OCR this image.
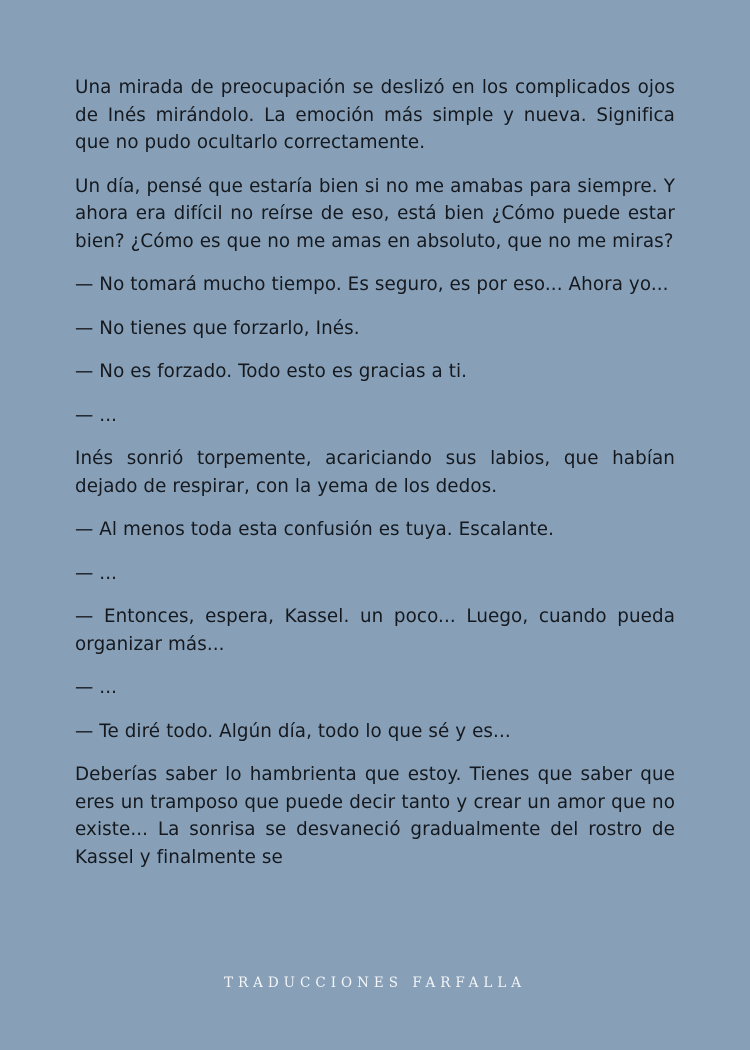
Una mirada de preocupación se deslizó en los complicados ojos de Inés mirándolo. La emoción más simple y nueva. Significa que no pudo ocultarlo correctamente.

Un día, pensé que estaría bien si no me amabas para siempre. Y ahora era difícil no reírse de eso, está bien ¿Cómo puede estar bien? ¿Cómo es que no me amas en absoluto, que no me miras?

— No tomará mucho tiempo. Es seguro, es por eso... Ahora yo...

— No tienes que forzarlo, Inés.

— No es forzado. Todo esto es gracias a ti.

— ...

Inés sonrió torpemente, acariciando sus labios, que habían dejado de respirar, con la yema de los dedos.

— Al menos toda esta confusión es tuya. Escalante.

— ...

— Entonces, espera, Kassel. un poco... Luego, cuando pueda organizar más...

— ...

— Te diré todo. Algún día, todo lo que sé y es...

Deberías saber lo hambrienta que estoy. Tienes que saber que eres un tramposo que puede decir tanto y crear un amor que no existe... La sonrisa se desvaneció gradualmente del rostro de Kassel y finalmente se

TRADUCCIONES FARFALLA
